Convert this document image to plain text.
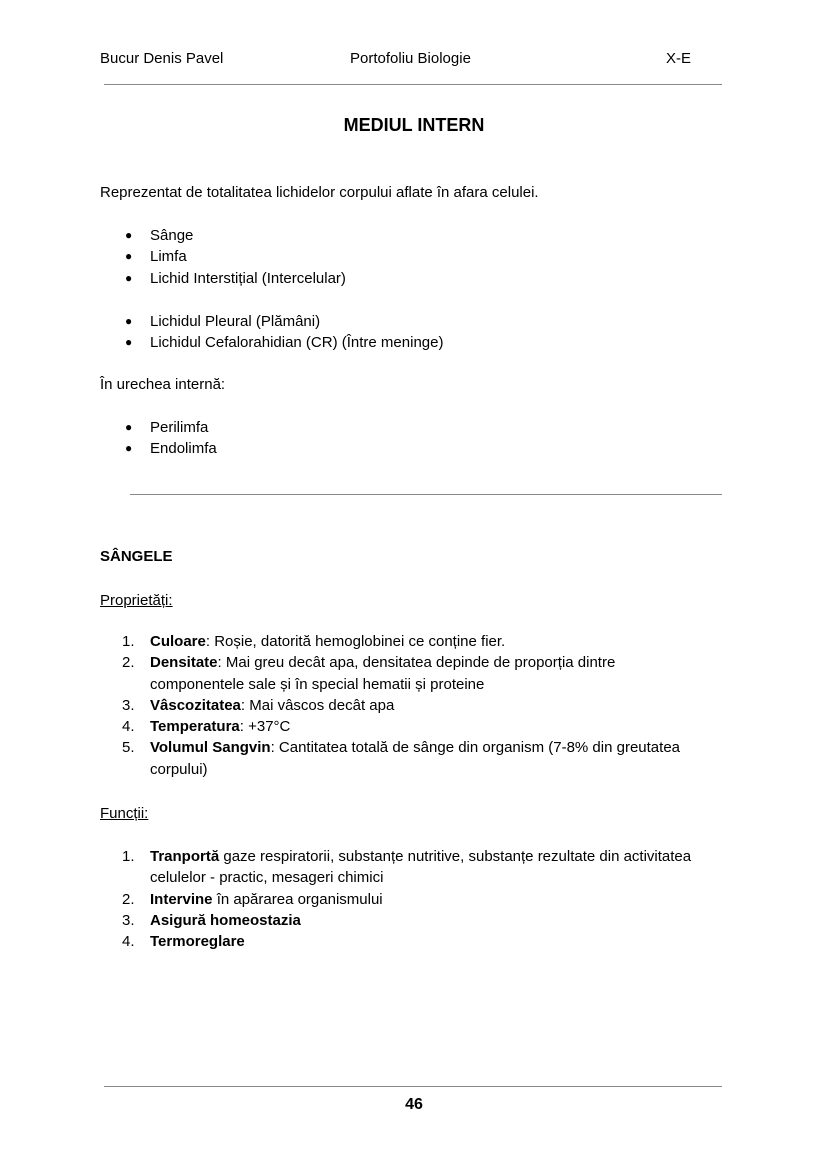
Bucur Denis Pavel	Portofoliu Biologie	X-E
MEDIUL INTERN
Reprezentat de totalitatea lichidelor corpului aflate în afara celulei.
● Sânge
● Limfa
● Lichid Interstițial (Intercelular)
● Lichidul Pleural (Plămâni)
● Lichidul Cefalorahidian (CR) (Între meninge)
În urechea internă:
● Perilimfa
● Endolimfa
SÂNGELE
Proprietăți:
1. Culoare: Roșie, datorită hemoglobinei ce conține fier.
2. Densitate: Mai greu decât apa, densitatea depinde de proporția dintre componentele sale și în special hematii și proteine
3. Vâscozitatea: Mai vâscos decât apa
4. Temperatura: +37°C
5. Volumul Sangvin: Cantitatea totală de sânge din organism (7-8% din greutatea corpului)
Funcții:
1. Tranportă gaze respiratorii, substanțe nutritive, substanțe rezultate din activitatea celulelor - practic, mesageri chimici
2. Intervine în apărarea organismului
3. Asigură homeostazia
4. Termoreglare
46
